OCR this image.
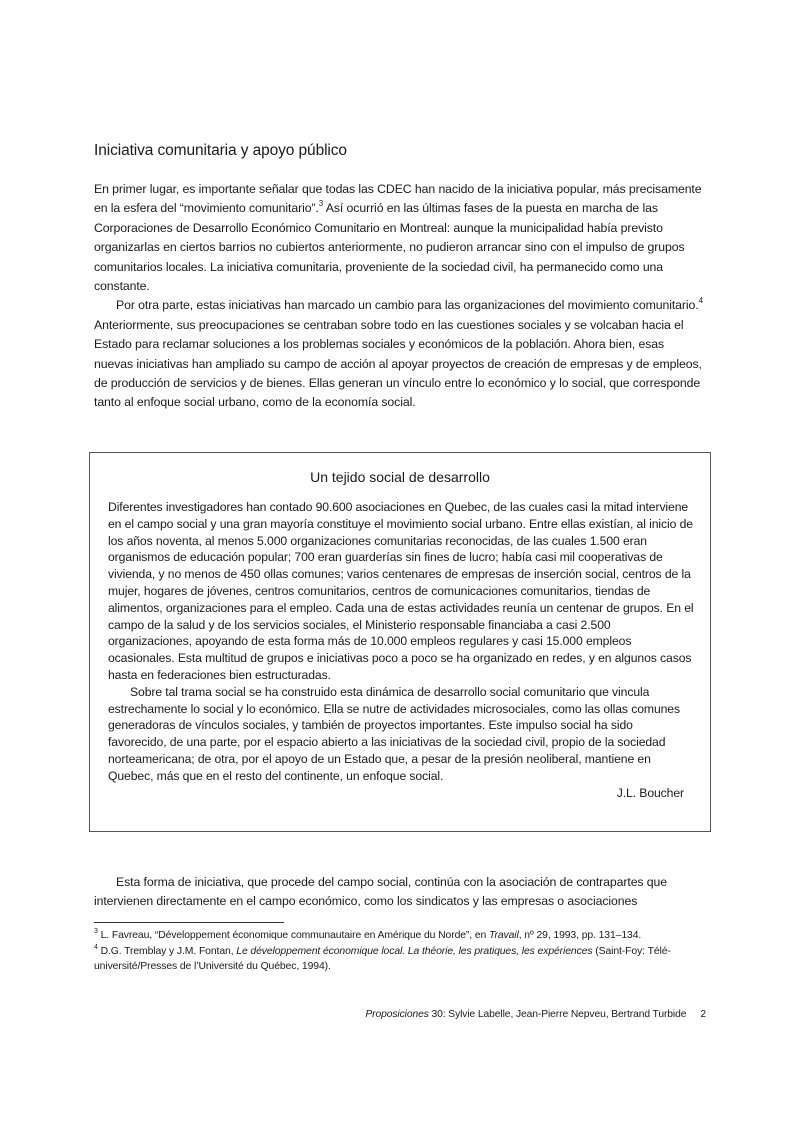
Iniciativa comunitaria y apoyo público

En primer lugar, es importante señalar que todas las CDEC han nacido de la iniciativa popular, más precisamente en la esfera del “movimiento comunitario”.$^3$ Así ocurrió en las últimas fases de la puesta en marcha de las Corporaciones de Desarrollo Económico Comunitario en Montreal: aunque la municipalidad había previsto organizarlas en ciertos barrios no cubiertos anteriormente, no pudieron arrancar sino con el impulso de grupos comunitarios locales. La iniciativa comunitaria, proveniente de la sociedad civil, ha permanecido como una constante.

Por otra parte, estas iniciativas han marcado un cambio para las organizaciones del movimiento comunitario.$^4$ Anteriormente, sus preocupaciones se centraban sobre todo en las cuestiones sociales y se volcaban hacia el Estado para reclamar soluciones a los problemas sociales y económicos de la población. Ahora bien, esas nuevas iniciativas han ampliado su campo de acción al apoyar proyectos de creación de empresas y de empleos, de producción de servicios y de bienes. Ellas generan un vínculo entre lo económico y lo social, que corresponde tanto al enfoque social urbano, como de la economía social.

Un tejido social de desarrollo

Diferentes investigadores han contado 90.600 asociaciones en Quebec, de las cuales casi la mitad interviene en el campo social y una gran mayoría constituye el movimiento social urbano. Entre ellas existían, al inicio de los años noventa, al menos 5.000 organizaciones comunitarias reconocidas, de las cuales 1.500 eran organismos de educación popular; 700 eran guarderías sin fines de lucro; había casi mil cooperativas de vivienda, y no menos de 450 ollas comunes; varios centenares de empresas de inserción social, centros de la mujer, hogares de jóvenes, centros comunitarios, centros de comunicaciones comunitarios, tiendas de alimentos, organizaciones para el empleo. Cada una de estas actividades reunía un centenar de grupos. En el campo de la salud y de los servicios sociales, el Ministerio responsable financiaba a casi 2.500 organizaciones, apoyando de esta forma más de 10.000 empleos regulares y casi 15.000 empleos ocasionales. Esta multitud de grupos e iniciativas poco a poco se ha organizado en redes, y en algunos casos hasta en federaciones bien estructuradas.

Sobre tal trama social se ha construido esta dinámica de desarrollo social comunitario que vincula estrechamente lo social y lo económico. Ella se nutre de actividades microsociales, como las ollas comunes generadoras de vínculos sociales, y también de proyectos importantes. Este impulso social ha sido favorecido, de una parte, por el espacio abierto a las iniciativas de la sociedad civil, propio de la sociedad norteamericana; de otra, por el apoyo de un Estado que, a pesar de la presión neoliberal, mantiene en Quebec, más que en el resto del continente, un enfoque social.

J.L. Boucher

Esta forma de iniciativa, que procede del campo social, continúa con la asociación de contrapartes que intervienen directamente en el campo económico, como los sindicatos y las empresas o asociaciones

$^3$ L. Favreau, “Développement économique communautaire en Amérique du Norde”, en Travail, nº 29, 1993, pp. 131–134.

$^4$ D.G. Tremblay y J.M. Fontan, Le développement économique local. La théorie, les pratiques, les expériences (Saint-Foy: Télé-université/Presses de l’Université du Québec, 1994).

Proposiciones 30: Sylvie Labelle, Jean-Pierre Nepveu, Bertrand Turbide 2
